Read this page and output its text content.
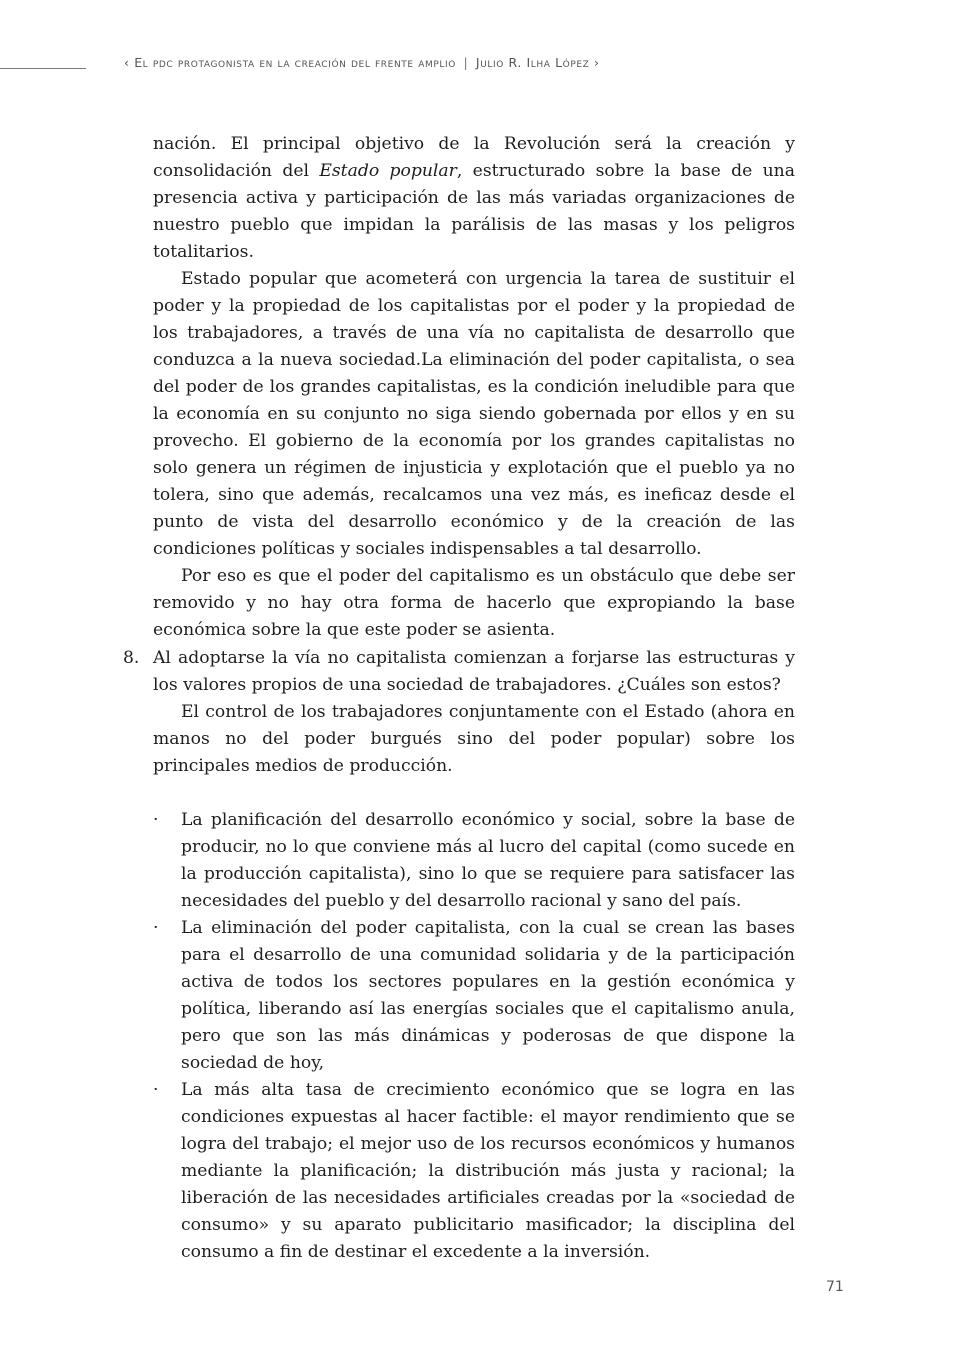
‹ El pdc protagonista en la creación del frente amplio | Julio R. Ilha López ›

nación. El principal objetivo de la Revolución será la creación y consolidación del Estado popular, estructurado sobre la base de una presencia activa y participación de las más variadas organizaciones de nuestro pueblo que impidan la parálisis de las masas y los peligros totalitarios.

Estado popular que acometerá con urgencia la tarea de sustituir el poder y la propiedad de los capitalistas por el poder y la propiedad de los trabajadores, a través de una vía no capitalista de desarrollo que conduzca a la nueva sociedad.La eliminación del poder capitalista, o sea del poder de los grandes capitalistas, es la condición ineludible para que la economía en su conjunto no siga siendo gobernada por ellos y en su provecho. El gobierno de la economía por los grandes capitalistas no solo genera un régimen de injusticia y explotación que el pueblo ya no tolera, sino que además, recalcamos una vez más, es ineficaz desde el punto de vista del desarrollo económico y de la creación de las condiciones políticas y sociales indispensables a tal desarrollo.

Por eso es que el poder del capitalismo es un obstáculo que debe ser removido y no hay otra forma de hacerlo que expropiando la base económica sobre la que este poder se asienta.

8. Al adoptarse la vía no capitalista comienzan a forjarse las estructuras y los valores propios de una sociedad de trabajadores. ¿Cuáles son estos?

El control de los trabajadores conjuntamente con el Estado (ahora en manos no del poder burgués sino del poder popular) sobre los principales medios de producción.

· La planificación del desarrollo económico y social, sobre la base de producir, no lo que conviene más al lucro del capital (como sucede en la producción capitalista), sino lo que se requiere para satisfacer las necesidades del pueblo y del desarrollo racional y sano del país.
· La eliminación del poder capitalista, con la cual se crean las bases para el desarrollo de una comunidad solidaria y de la participación activa de todos los sectores populares en la gestión económica y política, liberando así las energías sociales que el capitalismo anula, pero que son las más dinámicas y poderosas de que dispone la sociedad de hoy,
· La más alta tasa de crecimiento económico que se logra en las condiciones expuestas al hacer factible: el mayor rendimiento que se logra del trabajo; el mejor uso de los recursos económicos y humanos mediante la planificación; la distribución más justa y racional; la liberación de las necesidades artificiales creadas por la «sociedad de consumo» y su aparato publicitario masificador; la disciplina del consumo a fin de destinar el excedente a la inversión.
71
